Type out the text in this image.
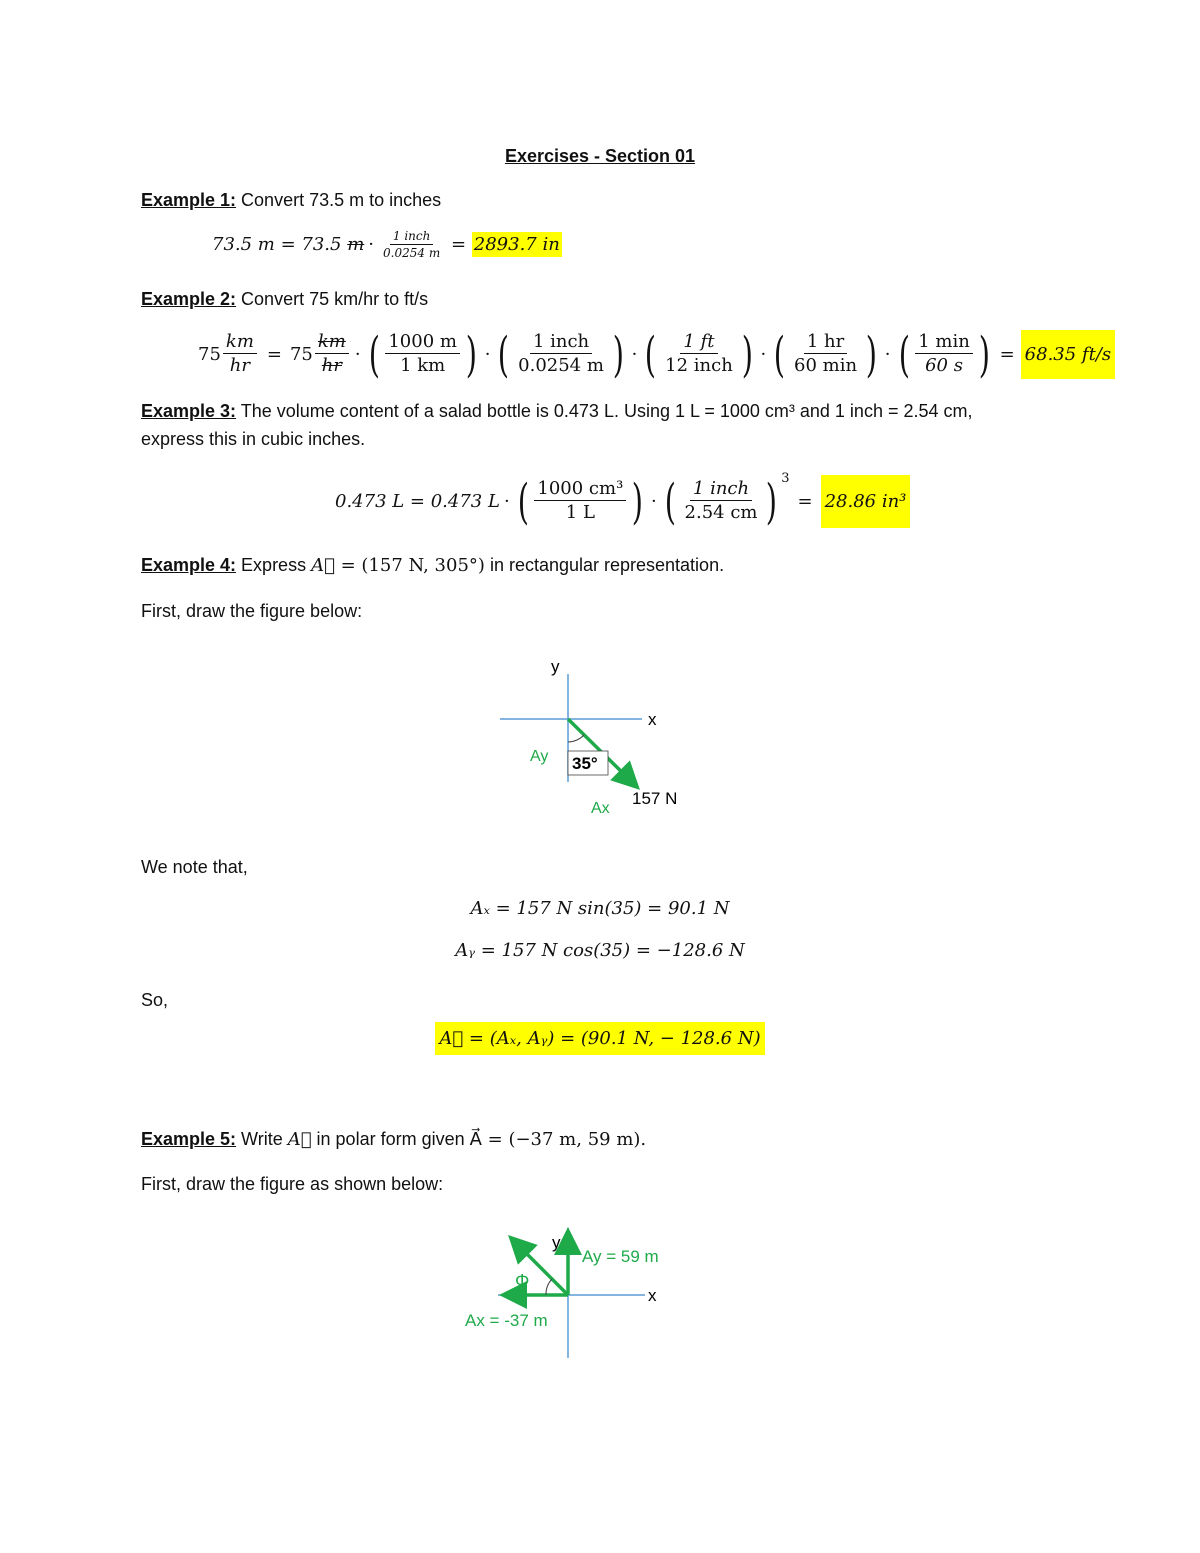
Exercises - Section 01
Example 1: Convert 73.5 m to inches
73.5 m = 73.5
$m \cdot \frac{\text{1 inch}}{0.0254 m}$
=
2893.7 in
Example 2: Convert 75 km/hr to ft/s
$75 \frac{km}{hr} = 75 \frac{km}{hr}$ · ( $\frac{1000 m}{1 km}$ ) · ( $\frac{\text{1 inch}}{0.0254 m}$ ) · ( $\frac{1 ft}{\text{12 inch}}$ ) · ( $\frac{1 hr}{60 \min}$ ) · ( $\frac{1 \min}{60 s}$ ) = 68.35 ft/s
Example 3: The volume content of a salad bottle is 0.473 L. Using 1 L = 1000 cm³ and 1 inch = 2.54 cm,
express this in cubic inches.
0.473 L = 0.473 L · ( $\frac{\text{1000 cm³}}{1 L}$ ) · ( $\frac{\text{1 inch}}{2.54 cm}$ ) 3
= 28.86 in³
Example 4: Express A⃗ = (157 N, 305°) in rectangular representation.
First, draw the figure below:
y
x
Ay 35°
Ax
157 N
We note that,
Aₓ = 157 N sin(35) = 90.1 N
Aᵧ = 157 N cos(35) = −128.6 N
So,
A⃗ = (Aₓ, Aᵧ) = (90.1 N, − 128.6 N)
Example 5: Write A⃗ in polar form given A⃗ = (−37 m, 59 m).
First, draw the figure as shown below:
y
x
Φ
Ay = 59 m
Ax = -37 m
